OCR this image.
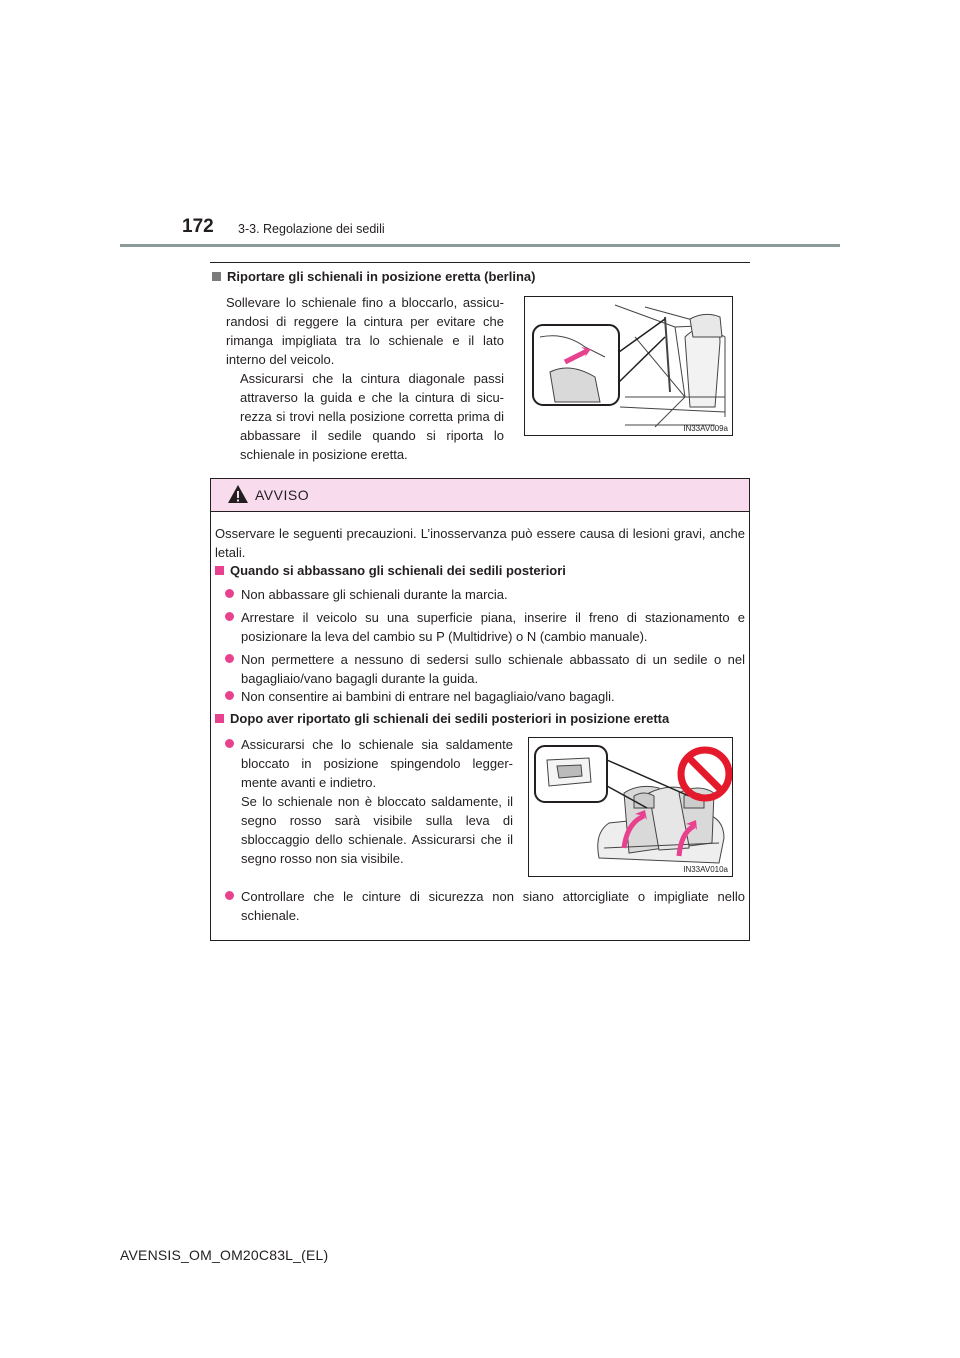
172 3-3. Regolazione dei sedili
Riportare gli schienali in posizione eretta (berlina)
Sollevare lo schienale fino a bloccarlo, assicu-randosi di reggere la cintura per evitare che rimanga impigliata tra lo schienale e il lato interno del veicolo.
Assicurarsi che la cintura diagonale passi attraverso la guida e che la cintura di sicu-rezza si trovi nella posizione corretta prima di abbassare il sedile quando si riporta lo schienale in posizione eretta.
IN33AV009a
AVVISO
Osservare le seguenti precauzioni. L’inosservanza può essere causa di lesioni gravi, anche letali.
Quando si abbassano gli schienali dei sedili posteriori
Non abbassare gli schienali durante la marcia.
Arrestare il veicolo su una superficie piana, inserire il freno di stazionamento e posizionare la leva del cambio su P (Multidrive) o N (cambio manuale).
Non permettere a nessuno di sedersi sullo schienale abbassato di un sedile o nel bagagliaio/vano bagagli durante la guida.
Non consentire ai bambini di entrare nel bagagliaio/vano bagagli.
Dopo aver riportato gli schienali dei sedili posteriori in posizione eretta
Assicurarsi che lo schienale sia saldamente bloccato in posizione spingendolo legger-mente avanti e indietro.
Se lo schienale non è bloccato saldamente, il segno rosso sarà visibile sulla leva di sbloccaggio dello schienale. Assicurarsi che il segno rosso non sia visibile.
Controllare che le cinture di sicurezza non siano attorcigliate o impigliate nello schienale.
IN33AV010a
AVENSIS_OM_OM20C83L_(EL)
